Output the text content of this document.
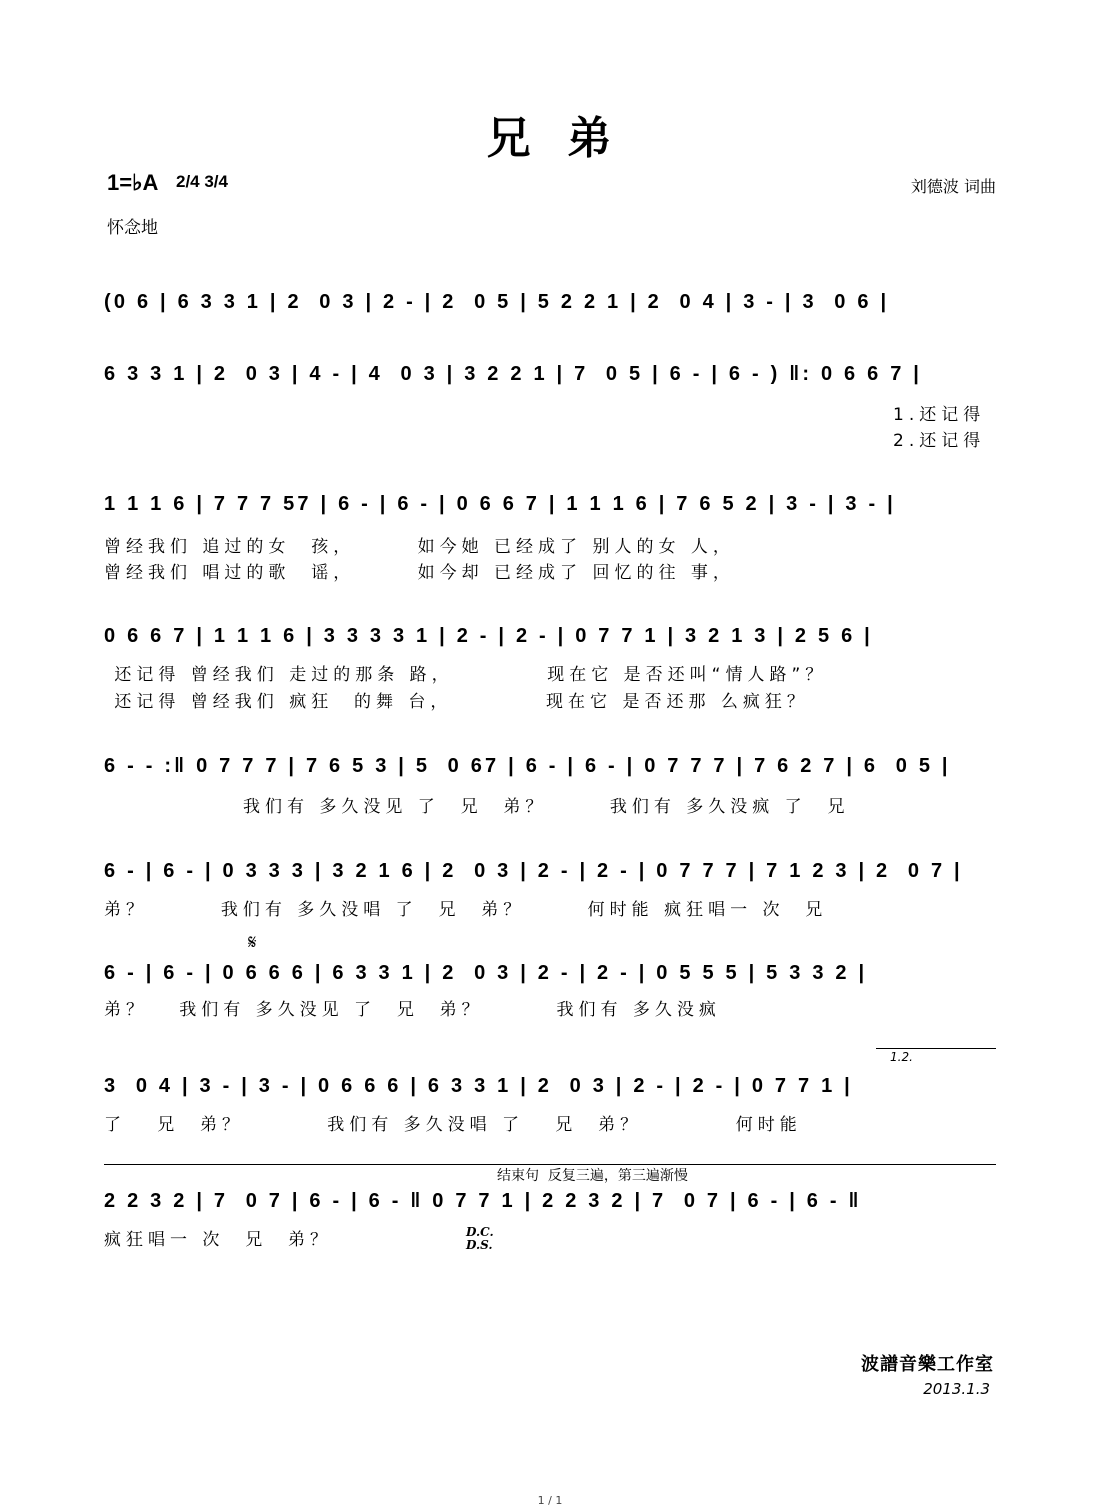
兄  弟
1=♭A 2/4 3/4
怀念地
刘德波 词曲
(0 6 | 6 3 3 1 | 2  0 3 | 2 - | 2  0 5 | 5 2 2 1 | 2  0 4 | 3 - | 3  0 6 |
6 3 3 1 | 2  0 3 | 4 - | 4  0 3 | 3 2 2 1 | 7  0 5 | 6 - | 6 - ) ‖: 0 6 6 7 |
1.还记得
2.还记得
1 1 1 6 | 7 7 7 57 | 6 - | 6 - | 0 6 6 7 | 1 1 1 6 | 7 6 5 2 | 3 - | 3 - |
曾经我们 追过的女  孩，      如今她 已经成了 别人的女 人，
曾经我们 唱过的歌  谣，      如今却 已经成了 回忆的往 事，
0 6 6 7 | 1 1 1 6 | 3 3 3 3 1 | 2 - | 2 - | 0 7 7 1 | 3 2 1 3 | 2 5 6 |
还记得 曾经我们 走过的那条 路，         现在它 是否还叫“情人路”？
还记得 曾经我们 疯狂  的舞 台，         现在它 是否还那 么疯狂？
6 - - :‖ 0 7 7 7 | 7 6 5 3 | 5  0 67 | 6 - | 6 - | 0 7 7 7 | 7 6 2 7 | 6  0 5 |
我们有 多久没见 了  兄  弟？      我们有 多久没疯 了  兄
6 - | 6 - | 0 3 3 3 | 3 2 1 6 | 2  0 3 | 2 - | 2 - | 0 7 7 7 | 7 1 2 3 | 2  0 7 |
弟？       我们有 多久没唱 了  兄  弟？      何时能 疯狂唱一 次  兄
𝄋
6 - | 6 - | 0 6 6 6 | 6 3 3 1 | 2  0 3 | 2 - | 2 - | 0 5 5 5 | 5 3 3 2 |
弟？   我们有 多久没见 了  兄  弟？       我们有 多久没疯
1.2.
3  0 4 | 3 - | 3 - | 0 6 6 6 | 6 3 3 1 | 2  0 3 | 2 - | 2 - | 0 7 7 1 |
了   兄  弟？        我们有 多久没唱 了   兄  弟？         何时能
结束句  反复三遍，第三遍渐慢
2 2 3 2 | 7  0 7 | 6 - | 6 - ‖ 0 7 7 1 | 2 2 3 2 | 7  0 7 | 6 - | 6 - ‖
疯狂唱一 次  兄  弟？	D.C.
D.S.
波譜音樂工作室
2013.1.3
1 / 1
